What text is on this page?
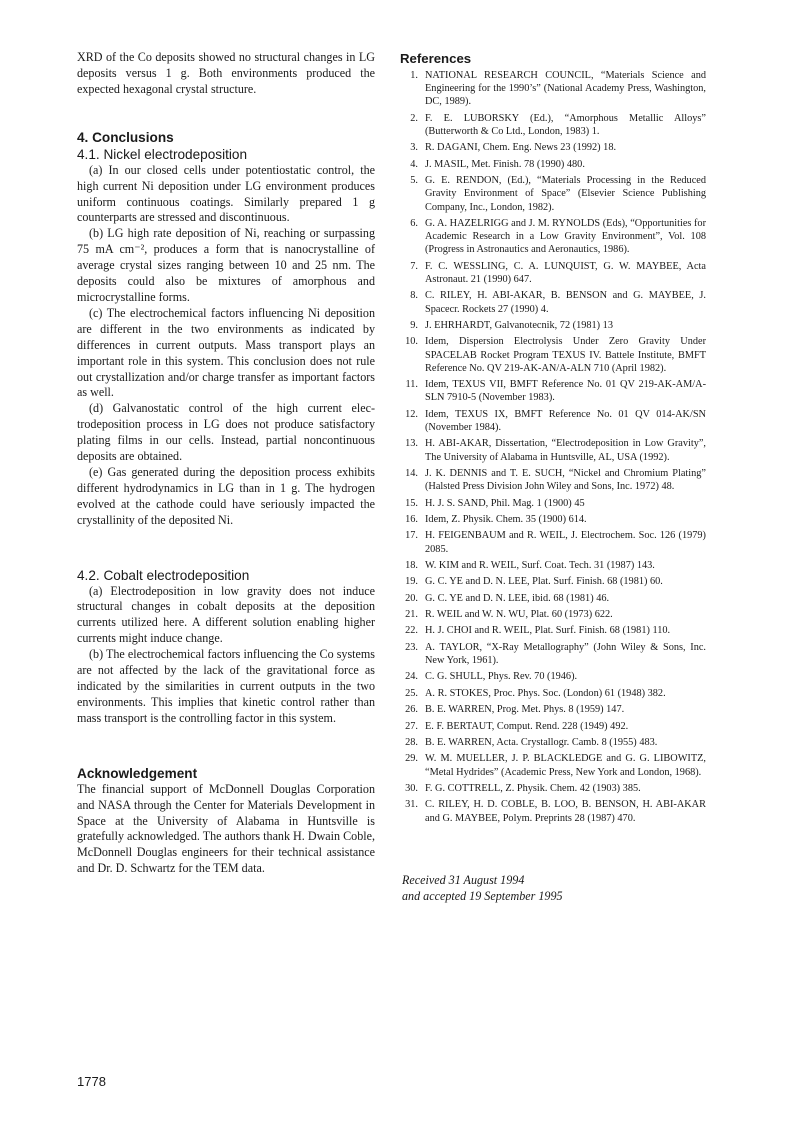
XRD of the Co deposits showed no structural changes in LG deposits versus 1 g. Both environments produced the expected hexagonal crystal structure.

4. Conclusions
4.1. Nickel electrodeposition

(a) In our closed cells under potentiostatic control, the high current Ni deposition under LG environment produces uniform continuous coatings. Similarly prepared 1 g counterparts are stressed and discontinuous.

(b) LG high rate deposition of Ni, reaching or surpassing 75 mA cm⁻², produces a form that is nanocrystalline of average crystal sizes ranging between 10 and 25 nm. The deposits could also be mixtures of amorphous and microcrystalline forms.

(c) The electrochemical factors influencing Ni deposition are different in the two environments as indicated by differences in current outputs. Mass transport plays an important role in this system. This conclusion does not rule out crystallization and/or charge transfer as important factors as well.

(d) Galvanostatic control of the high current electrodeposition process in LG does not produce satisfactory plating films in our cells. Instead, partial noncontinuous deposits are obtained.

(e) Gas generated during the deposition process exhibits different hydrodynamics in LG than in 1 g. The hydrogen evolved at the cathode could have seriously impacted the crystallinity of the deposited Ni.

4.2. Cobalt electrodeposition

(a) Electrodeposition in low gravity does not induce structural changes in cobalt deposits at the deposition currents utilized here. A different solution enabling higher currents might induce change.

(b) The electrochemical factors influencing the Co systems are not affected by the lack of the gravitational force as indicated by the similarities in current outputs in the two environments. This implies that kinetic control rather than mass transport is the controlling factor in this system.

Acknowledgement

The financial support of McDonnell Douglas Corporation and NASA through the Center for Materials Development in Space at the University of Alabama in Huntsville is gratefully acknowledged. The authors thank H. Dwain Coble, McDonnell Douglas engineers for their technical assistance and Dr. D. Schwartz for the TEM data.

References
1. NATIONAL RESEARCH COUNCIL, “Materials Science and Engineering for the 1990’s” (National Academy Press, Washington, DC, 1989).
2. F. E. LUBORSKY (Ed.), “Amorphous Metallic Alloys” (Butterworth & Co Ltd., London, 1983) 1.
3. R. DAGANI, Chem. Eng. News 23 (1992) 18.
4. J. MASIL, Met. Finish. 78 (1990) 480.
5. G. E. RENDON, (Ed.), “Materials Processing in the Reduced Gravity Environment of Space” (Elsevier Science Publishing Company, Inc., London, 1982).
6. G. A. HAZELRIGG and J. M. RYNOLDS (Eds), “Opportunities for Academic Research in a Low Gravity Environment”, Vol. 108 (Progress in Astronautics and Aeronautics, 1986).
7. F. C. WESSLING, C. A. LUNQUIST, G. W. MAYBEE, Acta Astronaut. 21 (1990) 647.
8. C. RILEY, H. ABI-AKAR, B. BENSON and G. MAYBEE, J. Spacecr. Rockets 27 (1990) 4.
9. J. EHRHARDT, Galvanotecnik, 72 (1981) 13
10. Idem, Dispersion Electrolysis Under Zero Gravity Under SPACELAB Rocket Program TEXUS IV. Battele Institute, BMFT Reference No. QV 219-AK-AN/A-ALN 710 (April 1982).
11. Idem, TEXUS VII, BMFT Reference No. 01 QV 219-AK-AM/A-SLN 7910-5 (November 1983).
12. Idem, TEXUS IX, BMFT Reference No. 01 QV 014-AK/SN (November 1984).
13. H. ABI-AKAR, Dissertation, “Electrodeposition in Low Gravity”, The University of Alabama in Huntsville, AL, USA (1992).
14. J. K. DENNIS and T. E. SUCH, “Nickel and Chromium Plating” (Halsted Press Division John Wiley and Sons, Inc. 1972) 48.
15. H. J. S. SAND, Phil. Mag. 1 (1900) 45
16. Idem, Z. Physik. Chem. 35 (1900) 614.
17. H. FEIGENBAUM and R. WEIL, J. Electrochem. Soc. 126 (1979) 2085.
18. W. KIM and R. WEIL, Surf. Coat. Tech. 31 (1987) 143.
19. G. C. YE and D. N. LEE, Plat. Surf. Finish. 68 (1981) 60.
20. G. C. YE and D. N. LEE, ibid. 68 (1981) 46.
21. R. WEIL and W. N. WU, Plat. 60 (1973) 622.
22. H. J. CHOI and R. WEIL, Plat. Surf. Finish. 68 (1981) 110.
23. A. TAYLOR, “X-Ray Metallography” (John Wiley & Sons, Inc. New York, 1961).
24. C. G. SHULL, Phys. Rev. 70 (1946).
25. A. R. STOKES, Proc. Phys. Soc. (London) 61 (1948) 382.
26. B. E. WARREN, Prog. Met. Phys. 8 (1959) 147.
27. E. F. BERTAUT, Comput. Rend. 228 (1949) 492.
28. B. E. WARREN, Acta. Crystallogr. Camb. 8 (1955) 483.
29. W. M. MUELLER, J. P. BLACKLEDGE and G. G. LIBOWITZ, “Metal Hydrides” (Academic Press, New York and London, 1968).
30. F. G. COTTRELL, Z. Physik. Chem. 42 (1903) 385.
31. C. RILEY, H. D. COBLE, B. LOO, B. BENSON, H. ABI-AKAR and G. MAYBEE, Polym. Preprints 28 (1987) 470.
Received 31 August 1994
and accepted 19 September 1995
1778
